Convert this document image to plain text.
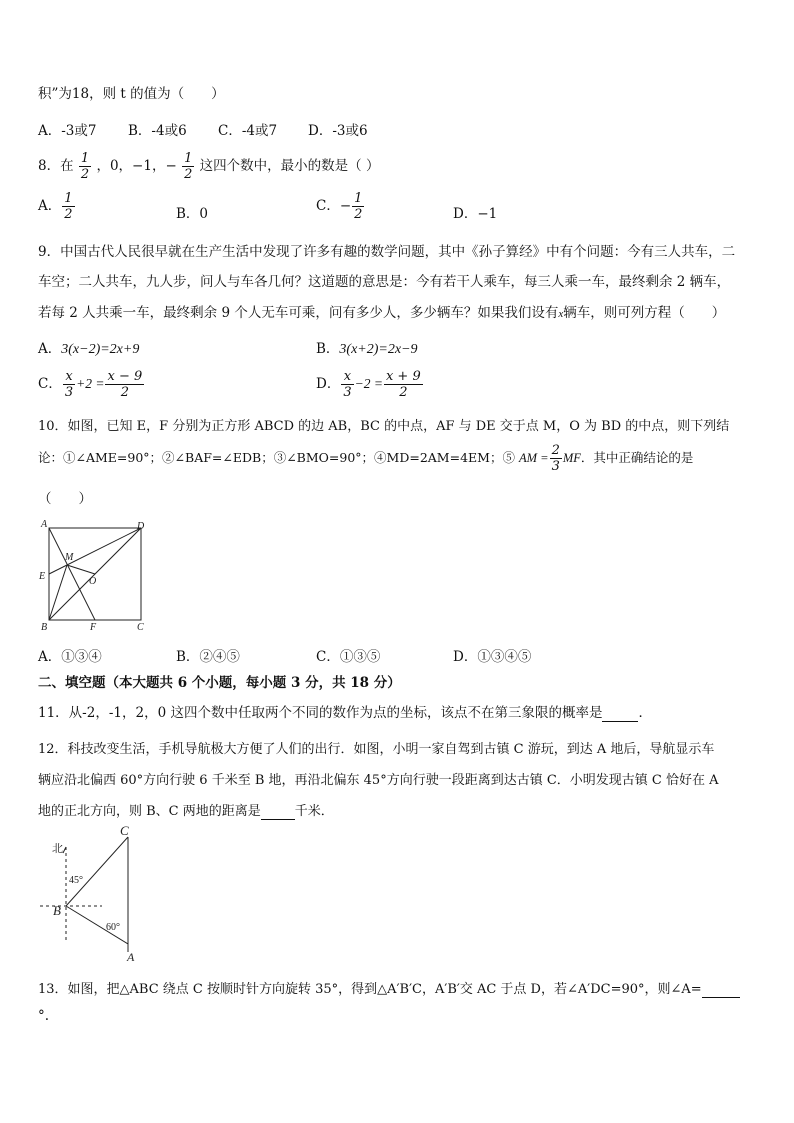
积”为18，则 t 的值为（　　）
A．-3或7 B．-4或6 C．-4或7 D．-3或6
8．在 $\frac{1}{2}$ ，0，−1，− $\frac{1}{2}$ 这四个数中，最小的数是（ ）
A． $\frac{1}{2}$	B．0	C．− $\frac{1}{2}$	D．−1
9．中国古代人民很早就在生产生活中发现了许多有趣的数学问题，其中《孙子算经》中有个问题：今有三人共车，二
车空；二人共车，九人步，问人与车各几何？这道题的意思是：今有若干人乘车，每三人乘一车，最终剩余 2 辆车，
若每 2 人共乘一车，最终剩余 9 个人无车可乘，问有多少人，多少辆车？如果我们设有x辆车，则可列方程（　　）
A．3(x−2)=2x+9	B．3(x+2)=2x−9
C． $\frac{x}{3} +2 = \frac{x - 9}{2}$	D． $\frac{x}{3} -2 = \frac{x + 9}{2}$
10．如图，已知 E，F 分别为正方形 ABCD 的边 AB，BC 的中点，AF 与 DE 交于点 M，O 为 BD 的中点，则下列结
论：①∠AME=90°；②∠BAF=∠EDB；③∠BMO=90°；④MD=2AM=4EM；⑤ AM = $\frac{2}{3}$ MF．其中正确结论的是
（　　）
A	D
M
E	O
B	F	C
A．①③④	B．②④⑤	C．①③⑤	D．①③④⑤
二、填空题（本大题共 6 个小题，每小题 3 分，共 18 分）
11．从-2，-1，2，0 这四个数中任取两个不同的数作为点的坐标，该点不在第三象限的概率是	．
12．科技改变生活，手机导航极大方便了人们的出行．如图，小明一家自驾到古镇 C 游玩，到达 A 地后，导航显示车
辆应沿北偏西 60°方向行驶 6 千米至 B 地，再沿北偏东 45°方向行驶一段距离到达古镇 C．小明发现古镇 C 恰好在 A
地的正北方向，则 B、C 两地的距离是	千米．
北
C
B
A
45°
60°
13．如图，把△ABC 绕点 C 按顺时针方向旋转 35°，得到△A′B′C，A′B′交 AC 于点 D，若∠A′DC=90°，则∠A=
°.
